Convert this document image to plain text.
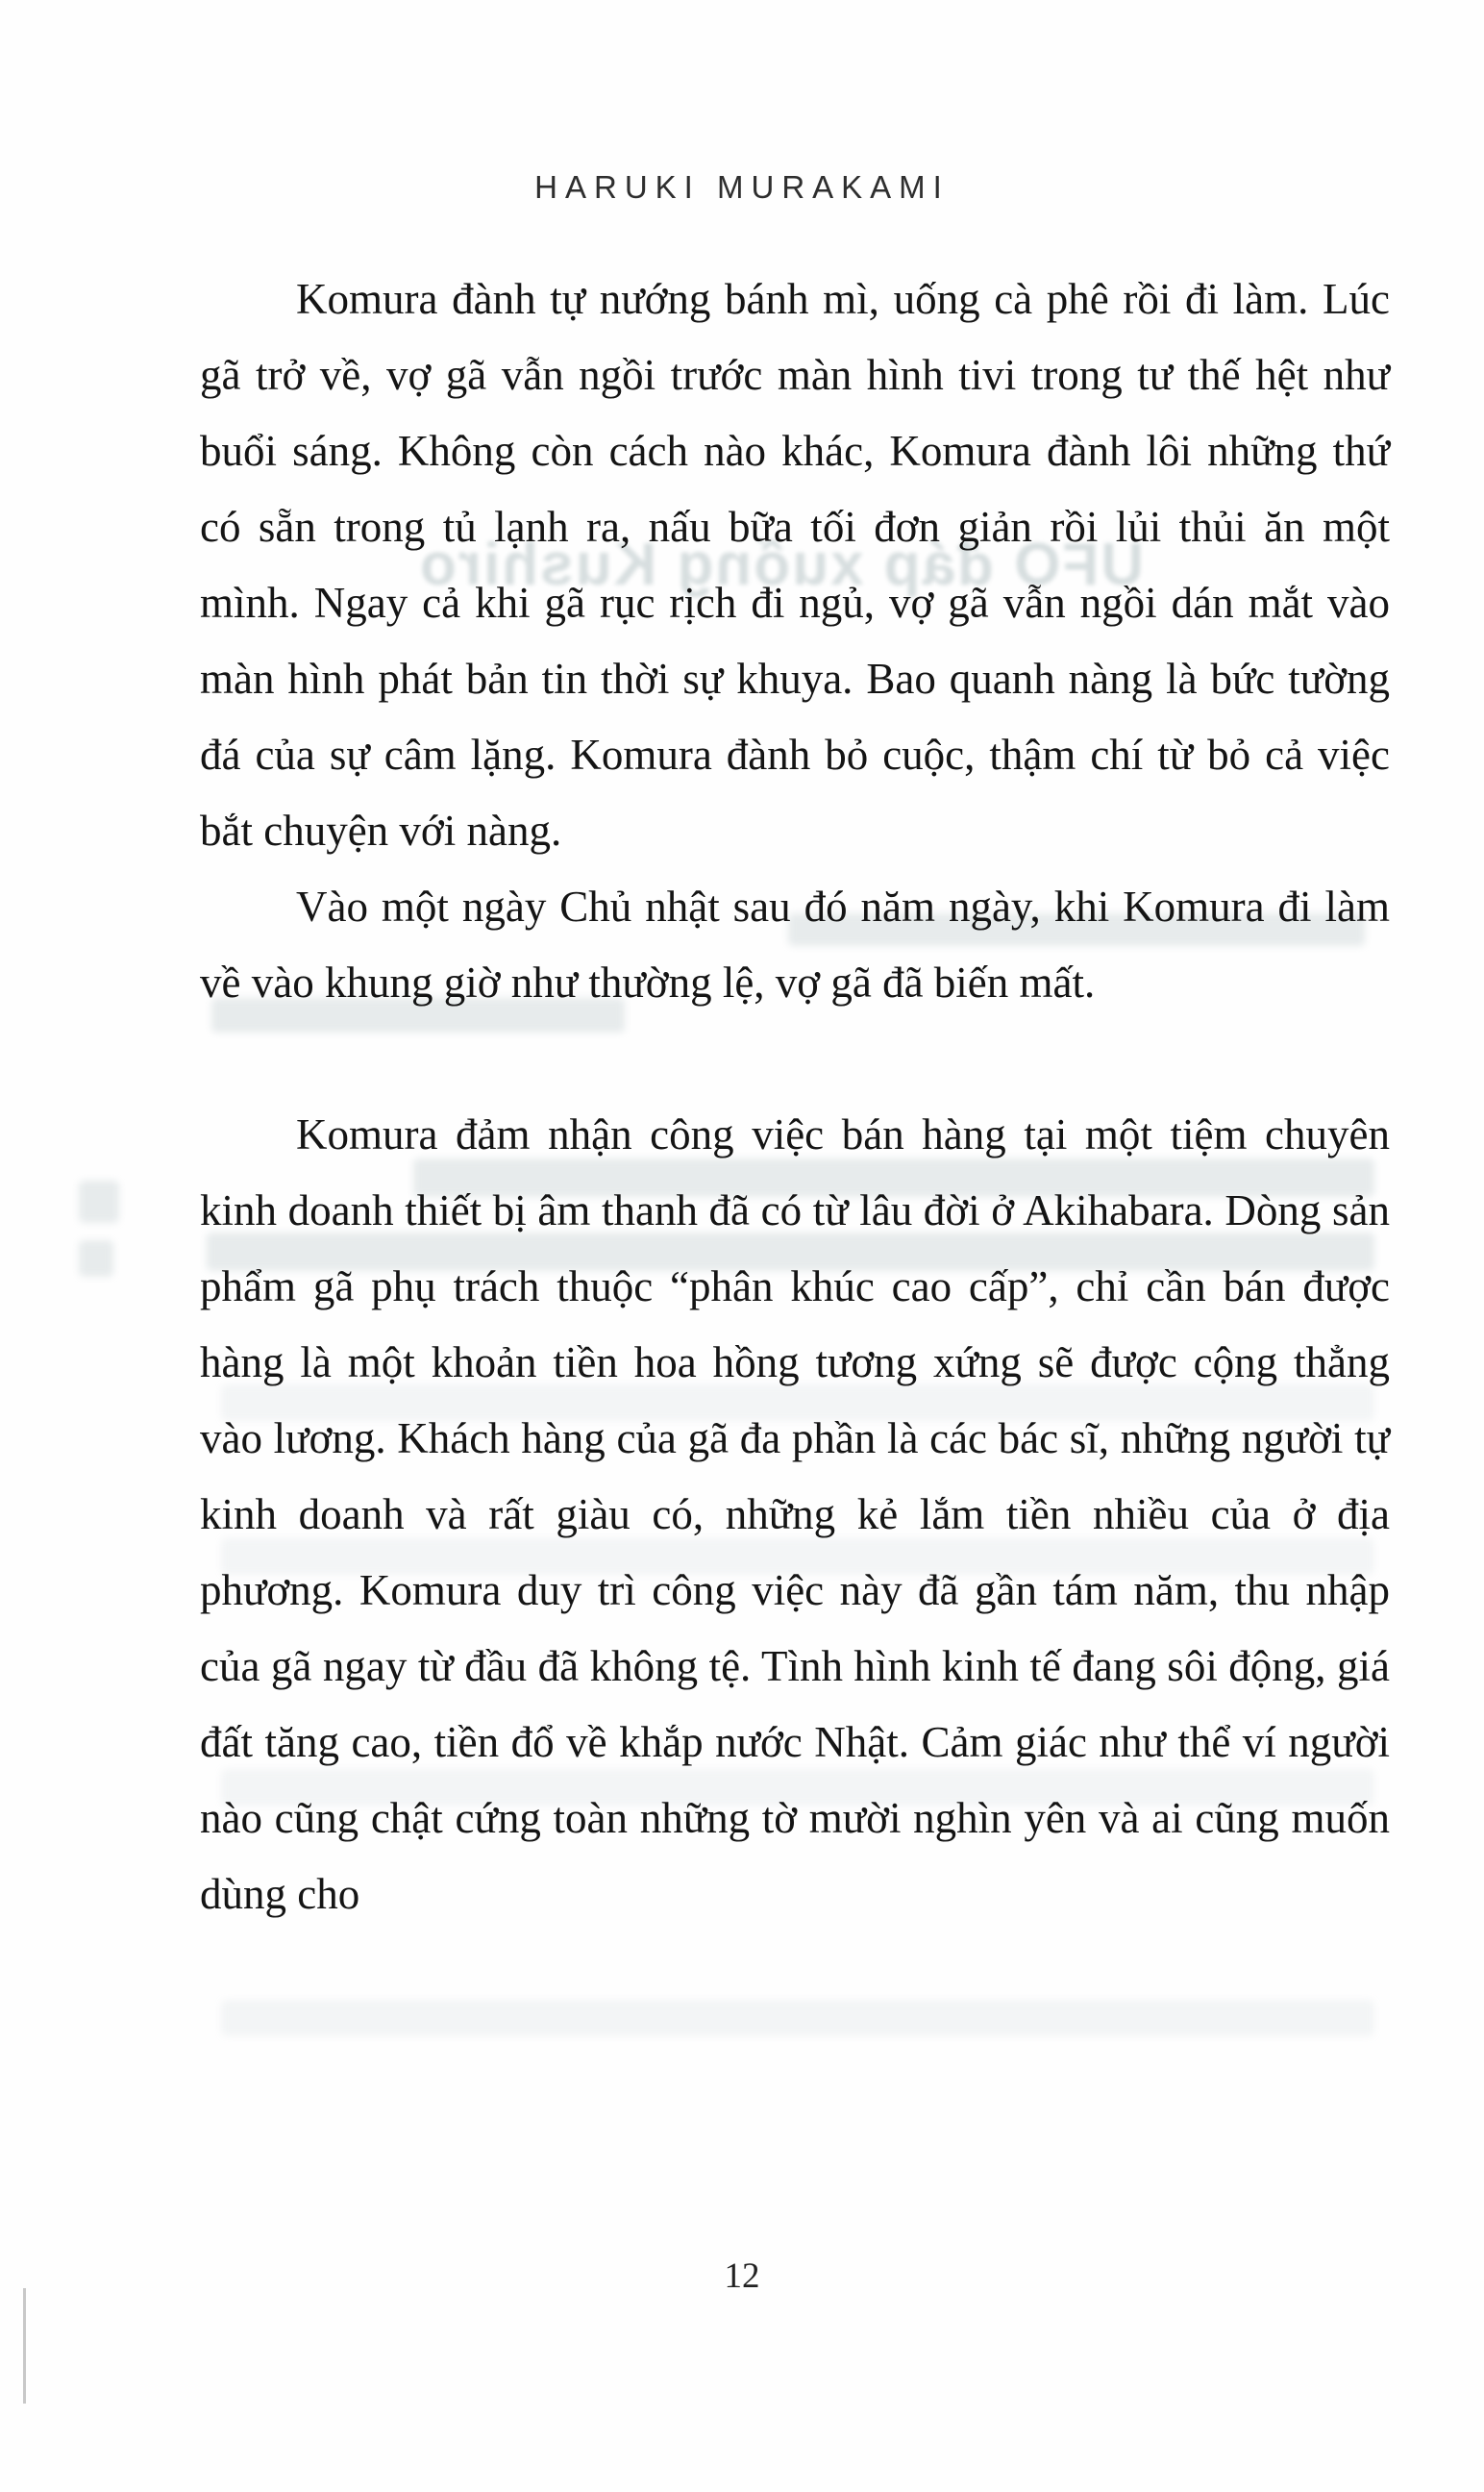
UFO đáp xuống Kushiro
HARUKI MURAKAMI

Komura đành tự nướng bánh mì, uống cà phê rồi đi làm. Lúc gã trở về, vợ gã vẫn ngồi trước màn hình tivi trong tư thế hệt như buổi sáng. Không còn cách nào khác, Komura đành lôi những thứ có sẵn trong tủ lạnh ra, nấu bữa tối đơn giản rồi lủi thủi ăn một mình. Ngay cả khi gã rục rịch đi ngủ, vợ gã vẫn ngồi dán mắt vào màn hình phát bản tin thời sự khuya. Bao quanh nàng là bức tường đá của sự câm lặng. Komura đành bỏ cuộc, thậm chí từ bỏ cả việc bắt chuyện với nàng.

Vào một ngày Chủ nhật sau đó năm ngày, khi Komura đi làm về vào khung giờ như thường lệ, vợ gã đã biến mất.

Komura đảm nhận công việc bán hàng tại một tiệm chuyên kinh doanh thiết bị âm thanh đã có từ lâu đời ở Akihabara. Dòng sản phẩm gã phụ trách thuộc “phân khúc cao cấp”, chỉ cần bán được hàng là một khoản tiền hoa hồng tương xứng sẽ được cộng thẳng vào lương. Khách hàng của gã đa phần là các bác sĩ, những người tự kinh doanh và rất giàu có, những kẻ lắm tiền nhiều của ở địa phương. Komura duy trì công việc này đã gần tám năm, thu nhập của gã ngay từ đầu đã không tệ. Tình hình kinh tế đang sôi động, giá đất tăng cao, tiền đổ về khắp nước Nhật. Cảm giác như thể ví người nào cũng chật cứng toàn những tờ mười nghìn yên và ai cũng muốn dùng cho

12
